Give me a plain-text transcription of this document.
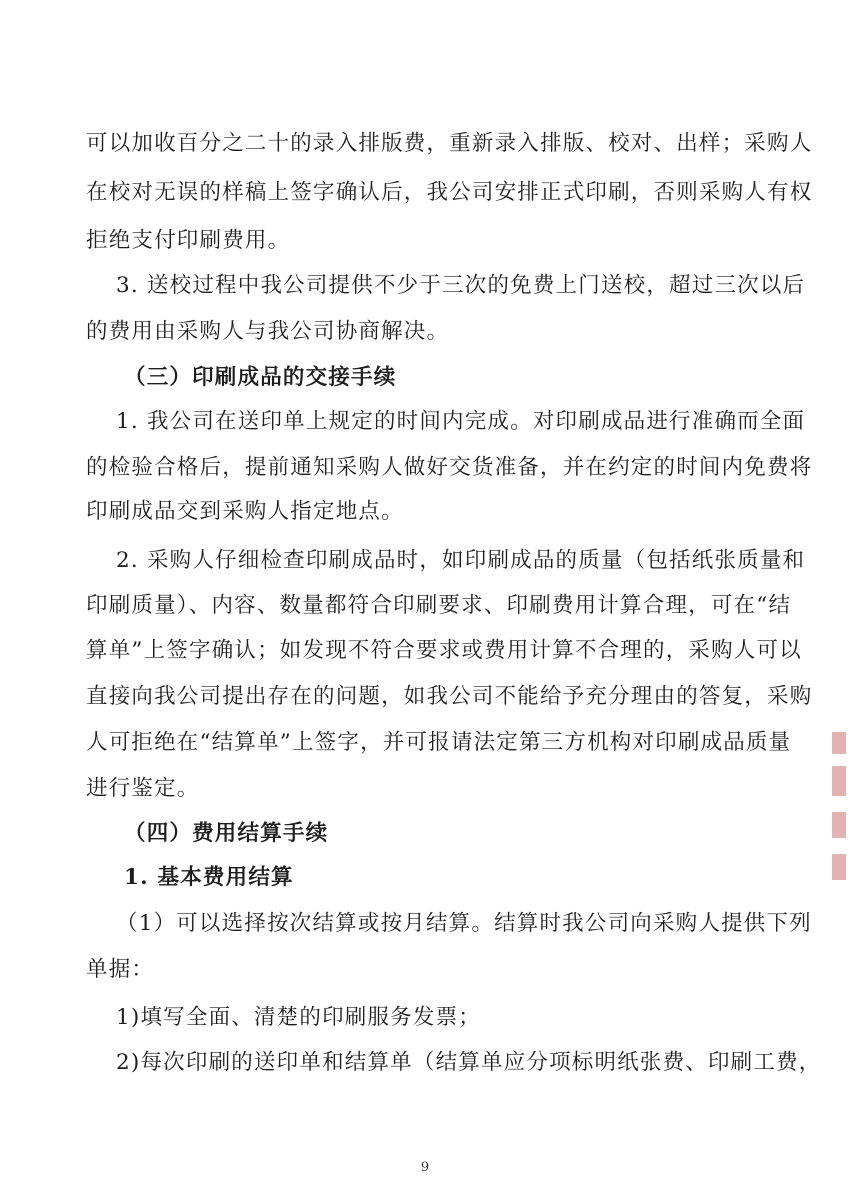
可以加收百分之二十的录入排版费，重新录入排版、校对、出样；采购人
在校对无误的样稿上签字确认后，我公司安排正式印刷，否则采购人有权
拒绝支付印刷费用。
3. 送校过程中我公司提供不少于三次的免费上门送校，超过三次以后
的费用由采购人与我公司协商解决。
（三）印刷成品的交接手续
1. 我公司在送印单上规定的时间内完成。对印刷成品进行准确而全面
的检验合格后，提前通知采购人做好交货准备，并在约定的时间内免费将
印刷成品交到采购人指定地点。
2. 采购人仔细检查印刷成品时，如印刷成品的质量（包括纸张质量和
印刷质量）、内容、数量都符合印刷要求、印刷费用计算合理，可在“结
算单”上签字确认；如发现不符合要求或费用计算不合理的，采购人可以
直接向我公司提出存在的问题，如我公司不能给予充分理由的答复，采购
人可拒绝在“结算单”上签字，并可报请法定第三方机构对印刷成品质量
进行鉴定。
（四）费用结算手续
1. 基本费用结算
（1）可以选择按次结算或按月结算。结算时我公司向采购人提供下列
单据：
1)填写全面、清楚的印刷服务发票；
2)每次印刷的送印单和结算单（结算单应分项标明纸张费、印刷工费，
9
